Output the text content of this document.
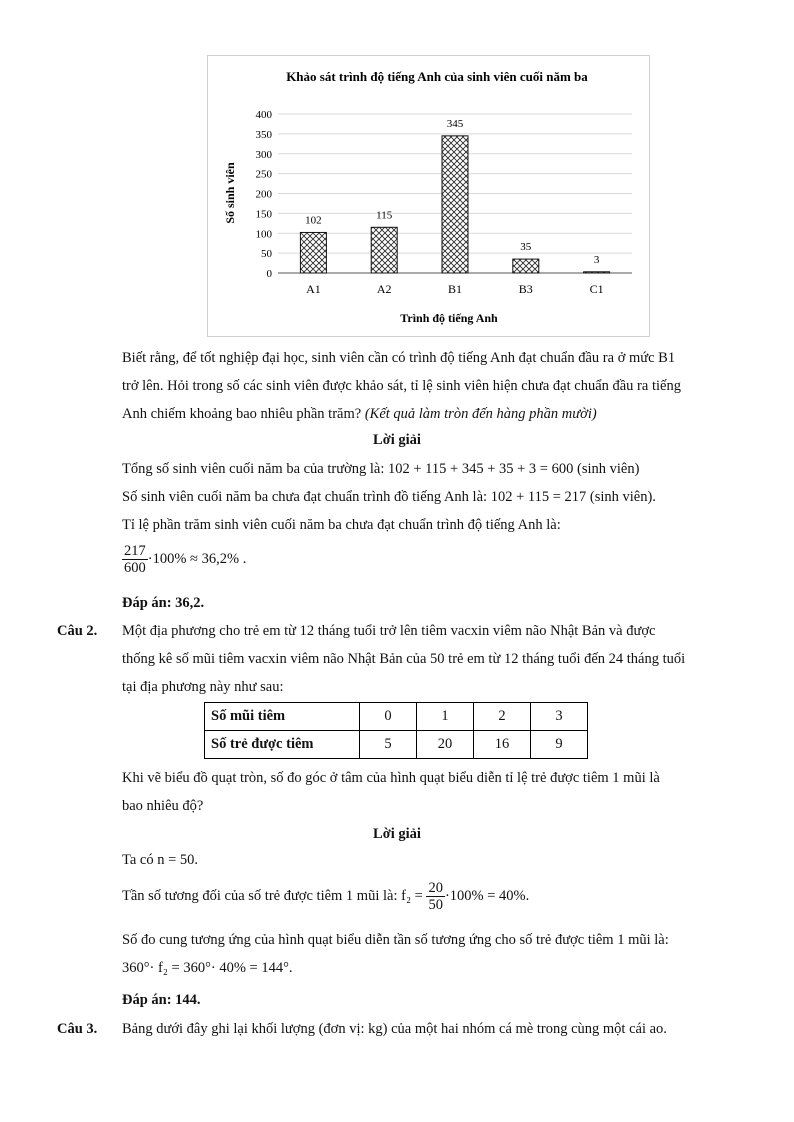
Khảo sát trình độ tiếng Anh của sinh viên cuối năm ba
0
50
100
150
200
250
300
350
400
102
A1
115
A2
345
B1
35
B3
3
C1
Trình độ tiếng Anh
Số sinh viên
Biết rằng, để tốt nghiệp đại học, sinh viên cần có trình độ tiếng Anh đạt chuẩn đầu ra ở mức B1
trở lên. Hỏi trong số các sinh viên được khảo sát, tỉ lệ sinh viên hiện chưa đạt chuẩn đầu ra tiếng
Anh chiếm khoảng bao nhiêu phần trăm? (Kết quả làm tròn đến hàng phần mười)
Lời giải
Tổng số sinh viên cuối năm ba của trường là: 102 + 115 + 345 + 35 + 3 = 600 (sinh viên)
Số sinh viên cuối năm ba chưa đạt chuẩn trình đồ tiếng Anh là: 102 + 115 = 217 (sinh viên).
Tỉ lệ phần trăm sinh viên cuối năm ba chưa đạt chuẩn trình độ tiếng Anh là:
$\frac{217}{600} \cdot 100\% \approx 36,2\%$ .
Đáp án: 36,2.
Câu 2. Một địa phương cho trẻ em từ 12 tháng tuổi trở lên tiêm vacxin viêm não Nhật Bản và được
thống kê số mũi tiêm vacxin viêm não Nhật Bản của 50 trẻ em từ 12 tháng tuổi đến 24 tháng tuổi
tại địa phương này như sau:
Số mũi tiêm	0	1	2	3
Số trẻ được tiêm	5	20	16	9
Khi vẽ biểu đồ quạt tròn, số đo góc ở tâm của hình quạt biểu diễn tỉ lệ trẻ được tiêm 1 mũi là
bao nhiêu độ?
Lời giải
Ta có n = 50.
Tần số tương đối của số trẻ được tiêm 1 mũi là: $f_2 = \frac{20}{50} \cdot 100\% = 40\%$.
Số đo cung tương ứng của hình quạt biểu diễn tần số tương ứng cho số trẻ được tiêm 1 mũi là:
360°· f₂ = 360°· 40% = 144°.
Đáp án: 144.
Câu 3. Bảng dưới đây ghi lại khối lượng (đơn vị: kg) của một hai nhóm cá mè trong cùng một cái ao.
